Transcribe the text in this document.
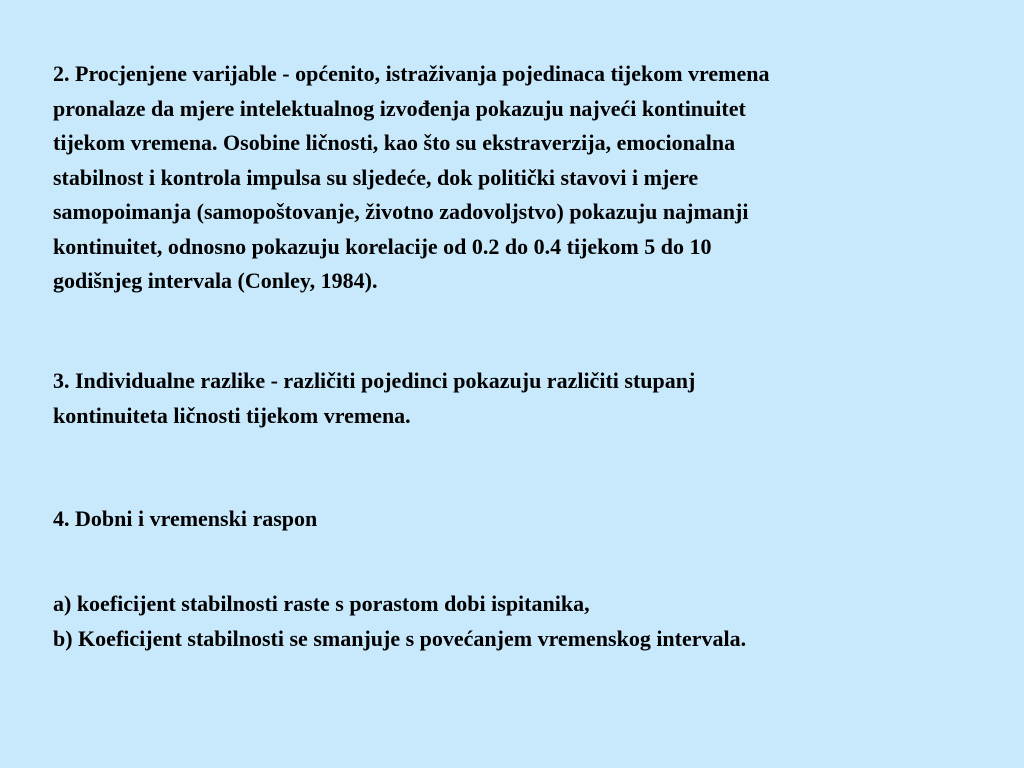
2. Procjenjene varijable - općenito, istraživanja pojedinaca tijekom vremena
pronalaze da mjere intelektualnog izvođenja pokazuju najveći kontinuitet
tijekom vremena. Osobine ličnosti, kao što su ekstraverzija, emocionalna
stabilnost i kontrola impulsa su sljedeće, dok politički stavovi i mjere
samopoimanja (samopoštovanje, životno zadovoljstvo) pokazuju najmanji
kontinuitet, odnosno pokazuju korelacije od 0.2 do 0.4 tijekom 5 do 10
godišnjeg intervala (Conley, 1984).

3. Individualne razlike - različiti pojedinci pokazuju različiti stupanj
kontinuiteta ličnosti tijekom vremena.

4. Dobni i vremenski raspon

a) koeficijent stabilnosti raste s porastom dobi ispitanika,
b) Koeficijent stabilnosti se smanjuje s povećanjem vremenskog intervala.
